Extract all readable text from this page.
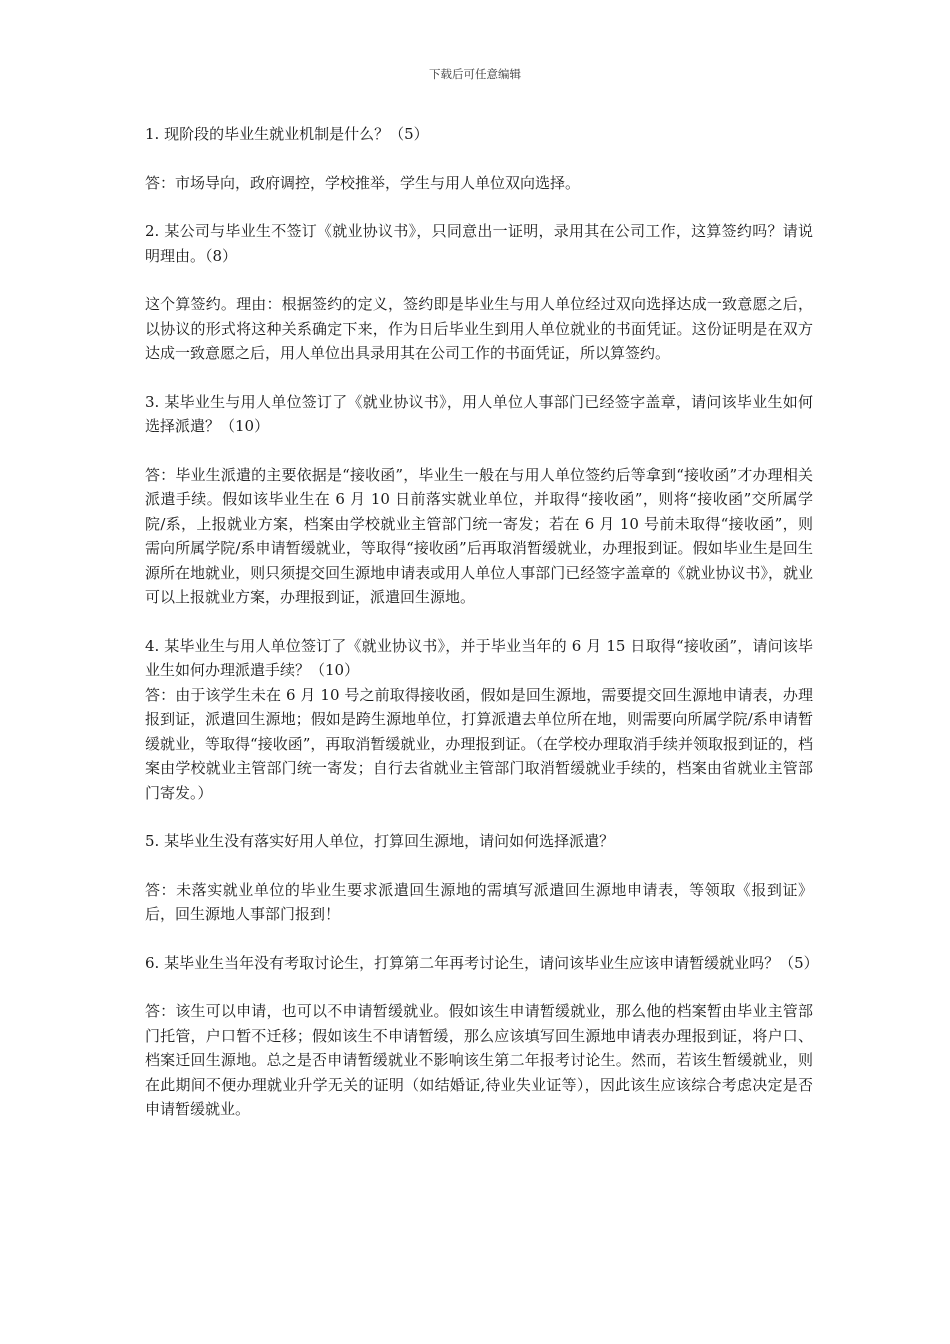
下载后可任意编辑

1. 现阶段的毕业生就业机制是什么？（5）

答：市场导向，政府调控，学校推举，学生与用人单位双向选择。

2. 某公司与毕业生不签订《就业协议书》，只同意出一证明，录用其在公司工作，这算签约吗？请说明理由。（8）

这个算签约。理由：根据签约的定义，签约即是毕业生与用人单位经过双向选择达成一致意愿之后，以协议的形式将这种关系确定下来，作为日后毕业生到用人单位就业的书面凭证。这份证明是在双方达成一致意愿之后，用人单位出具录用其在公司工作的书面凭证，所以算签约。

3. 某毕业生与用人单位签订了《就业协议书》，用人单位人事部门已经签字盖章，请问该毕业生如何选择派遣？（10）

答：毕业生派遣的主要依据是“接收函”，毕业生一般在与用人单位签约后等拿到“接收函”才办理相关派遣手续。假如该毕业生在 6 月 10 日前落实就业单位，并取得“接收函”，则将“接收函”交所属学院/系，上报就业方案，档案由学校就业主管部门统一寄发；若在 6 月 10 号前未取得“接收函”，则需向所属学院/系申请暂缓就业，等取得“接收函”后再取消暂缓就业，办理报到证。假如毕业生是回生源所在地就业，则只须提交回生源地申请表或用人单位人事部门已经签字盖章的《就业协议书》，就业可以上报就业方案，办理报到证，派遣回生源地。

4. 某毕业生与用人单位签订了《就业协议书》，并于毕业当年的 6 月 15 日取得“接收函”，请问该毕业生如何办理派遣手续？（10）

答：由于该学生未在 6 月 10 号之前取得接收函，假如是回生源地，需要提交回生源地申请表，办理报到证，派遣回生源地；假如是跨生源地单位，打算派遣去单位所在地，则需要向所属学院/系申请暂缓就业，等取得“接收函”，再取消暂缓就业，办理报到证。（在学校办理取消手续并领取报到证的，档案由学校就业主管部门统一寄发；自行去省就业主管部门取消暂缓就业手续的，档案由省就业主管部门寄发。）

5. 某毕业生没有落实好用人单位，打算回生源地，请问如何选择派遣？

答：未落实就业单位的毕业生要求派遣回生源地的需填写派遣回生源地申请表，等领取《报到证》后，回生源地人事部门报到！

6. 某毕业生当年没有考取讨论生，打算第二年再考讨论生，请问该毕业生应该申请暂缓就业吗？（5）

答：该生可以申请，也可以不申请暂缓就业。假如该生申请暂缓就业，那么他的档案暂由毕业主管部门托管，户口暂不迁移；假如该生不申请暂缓，那么应该填写回生源地申请表办理报到证，将户口、档案迁回生源地。总之是否申请暂缓就业不影响该生第二年报考讨论生。然而，若该生暂缓就业，则在此期间不便办理就业升学无关的证明（如结婚证,待业失业证等），因此该生应该综合考虑决定是否申请暂缓就业。
